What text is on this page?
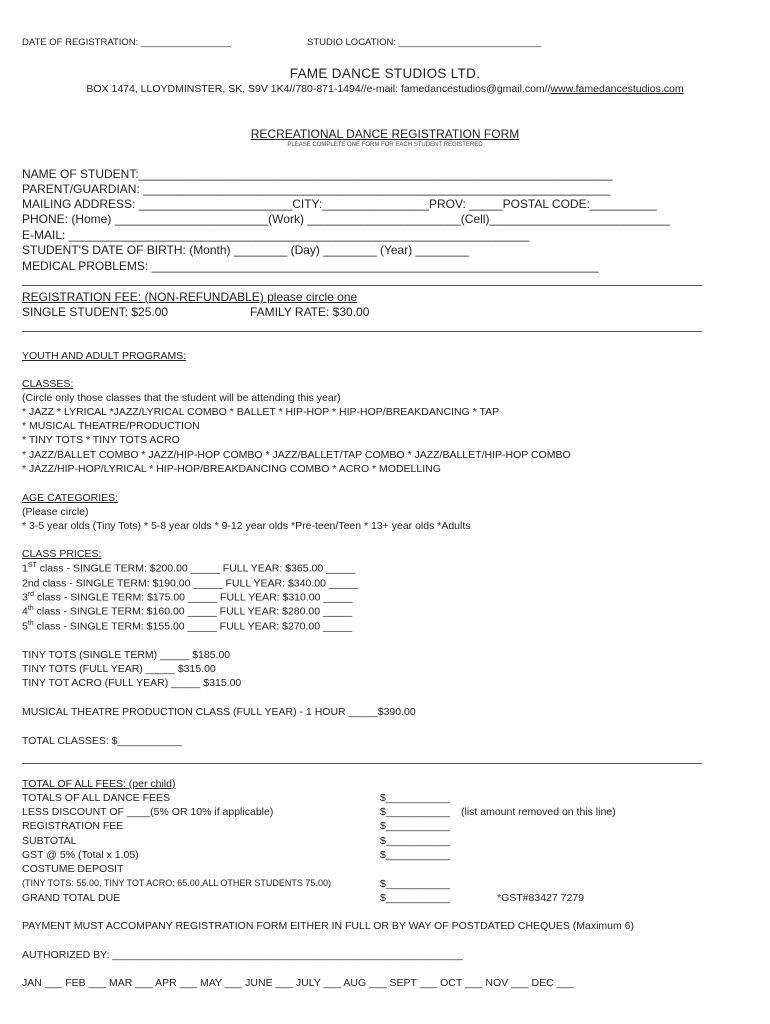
DATE OF REGISTRATION: _________________	STUDIO LOCATION: ___________________________
FAME DANCE STUDIOS LTD.
BOX 1474, LLOYDMINSTER, SK, S9V 1K4//780-871-1494//e-mail: famedancestudios@gmail.com//www.famedancestudios.com
RECREATIONAL DANCE REGISTRATION FORM
PLEASE COMPLETE ONE FORM FOR EACH STUDENT REGISTERED
NAME OF STUDENT:_______________________________________________________________________
PARENT/GUARDIAN: ______________________________________________________________________
MAILING ADDRESS: _______________________CITY:________________PROV: _____POSTAL CODE:__________
PHONE: (Home) _______________________(Work) _______________________(Cell)___________________________
E-MAIL: _____________________________________________________________________
STUDENT'S DATE OF BIRTH: (Month) ________ (Day) ________ (Year) ________
MEDICAL PROBLEMS: ___________________________________________________________________
REGISTRATION FEE: (NON-REFUNDABLE) please circle one
SINGLE STUDENT: $25.00	FAMILY RATE: $30.00
YOUTH AND ADULT PROGRAMS:
CLASSES:
(Circle only those classes that the student will be attending this year)
* JAZZ * LYRICAL *JAZZ/LYRICAL COMBO * BALLET * HIP-HOP * HIP-HOP/BREAKDANCING * TAP
* MUSICAL THEATRE/PRODUCTION
* TINY TOTS * TINY TOTS ACRO
* JAZZ/BALLET COMBO * JAZZ/HIP-HOP COMBO * JAZZ/BALLET/TAP COMBO * JAZZ/BALLET/HIP-HOP COMBO
* JAZZ/HIP-HOP/LYRICAL * HIP-HOP/BREAKDANCING COMBO * ACRO * MODELLING
AGE CATEGORIES:
(Please circle)
* 3-5 year olds (Tiny Tots) * 5-8 year olds * 9-12 year olds *Pre-teen/Teen * 13+ year olds *Adults
CLASS PRICES:
1ST class - SINGLE TERM: $200.00 _____ FULL YEAR: $365.00 _____
2nd class - SINGLE TERM: $190.00 _____ FULL YEAR: $340.00 _____
3rd class - SINGLE TERM: $175.00 _____ FULL YEAR: $310.00 _____
4th class - SINGLE TERM: $160.00 _____ FULL YEAR: $280.00 _____
5th class - SINGLE TERM: $155.00 _____ FULL YEAR: $270.00 _____
TINY TOTS (SINGLE TERM) _____ $185.00
TINY TOTS (FULL YEAR) _____ $315.00
TINY TOT ACRO (FULL YEAR) _____ $315.00
MUSICAL THEATRE PRODUCTION CLASS (FULL YEAR) - 1 HOUR _____$390.00
TOTAL CLASSES: $___________
TOTAL OF ALL FEES: (per child)
TOTALS OF ALL DANCE FEES	$___________
LESS DISCOUNT OF ____(5% OR 10% if applicable)	$___________ (list amount removed on this line)
REGISTRATION FEE	$___________
SUBTOTAL	$___________
GST @ 5% (Total x 1.05)	$___________
COSTUME DEPOSIT
(TINY TOTS: 55.00, TINY TOT ACRO: 65.00,ALL OTHER STUDENTS 75.00)	$___________
GRAND TOTAL DUE	$___________	*GST#83427 7279
PAYMENT MUST ACCOMPANY REGISTRATION FORM EITHER IN FULL OR BY WAY OF POSTDATED CHEQUES (Maximum 6)
AUTHORIZED BY: ____________________________________________________________
JAN ___ FEB ___ MAR ___ APR ___ MAY ___ JUNE ___ JULY ___ AUG ___ SEPT ___ OCT ___ NOV ___ DEC ___
